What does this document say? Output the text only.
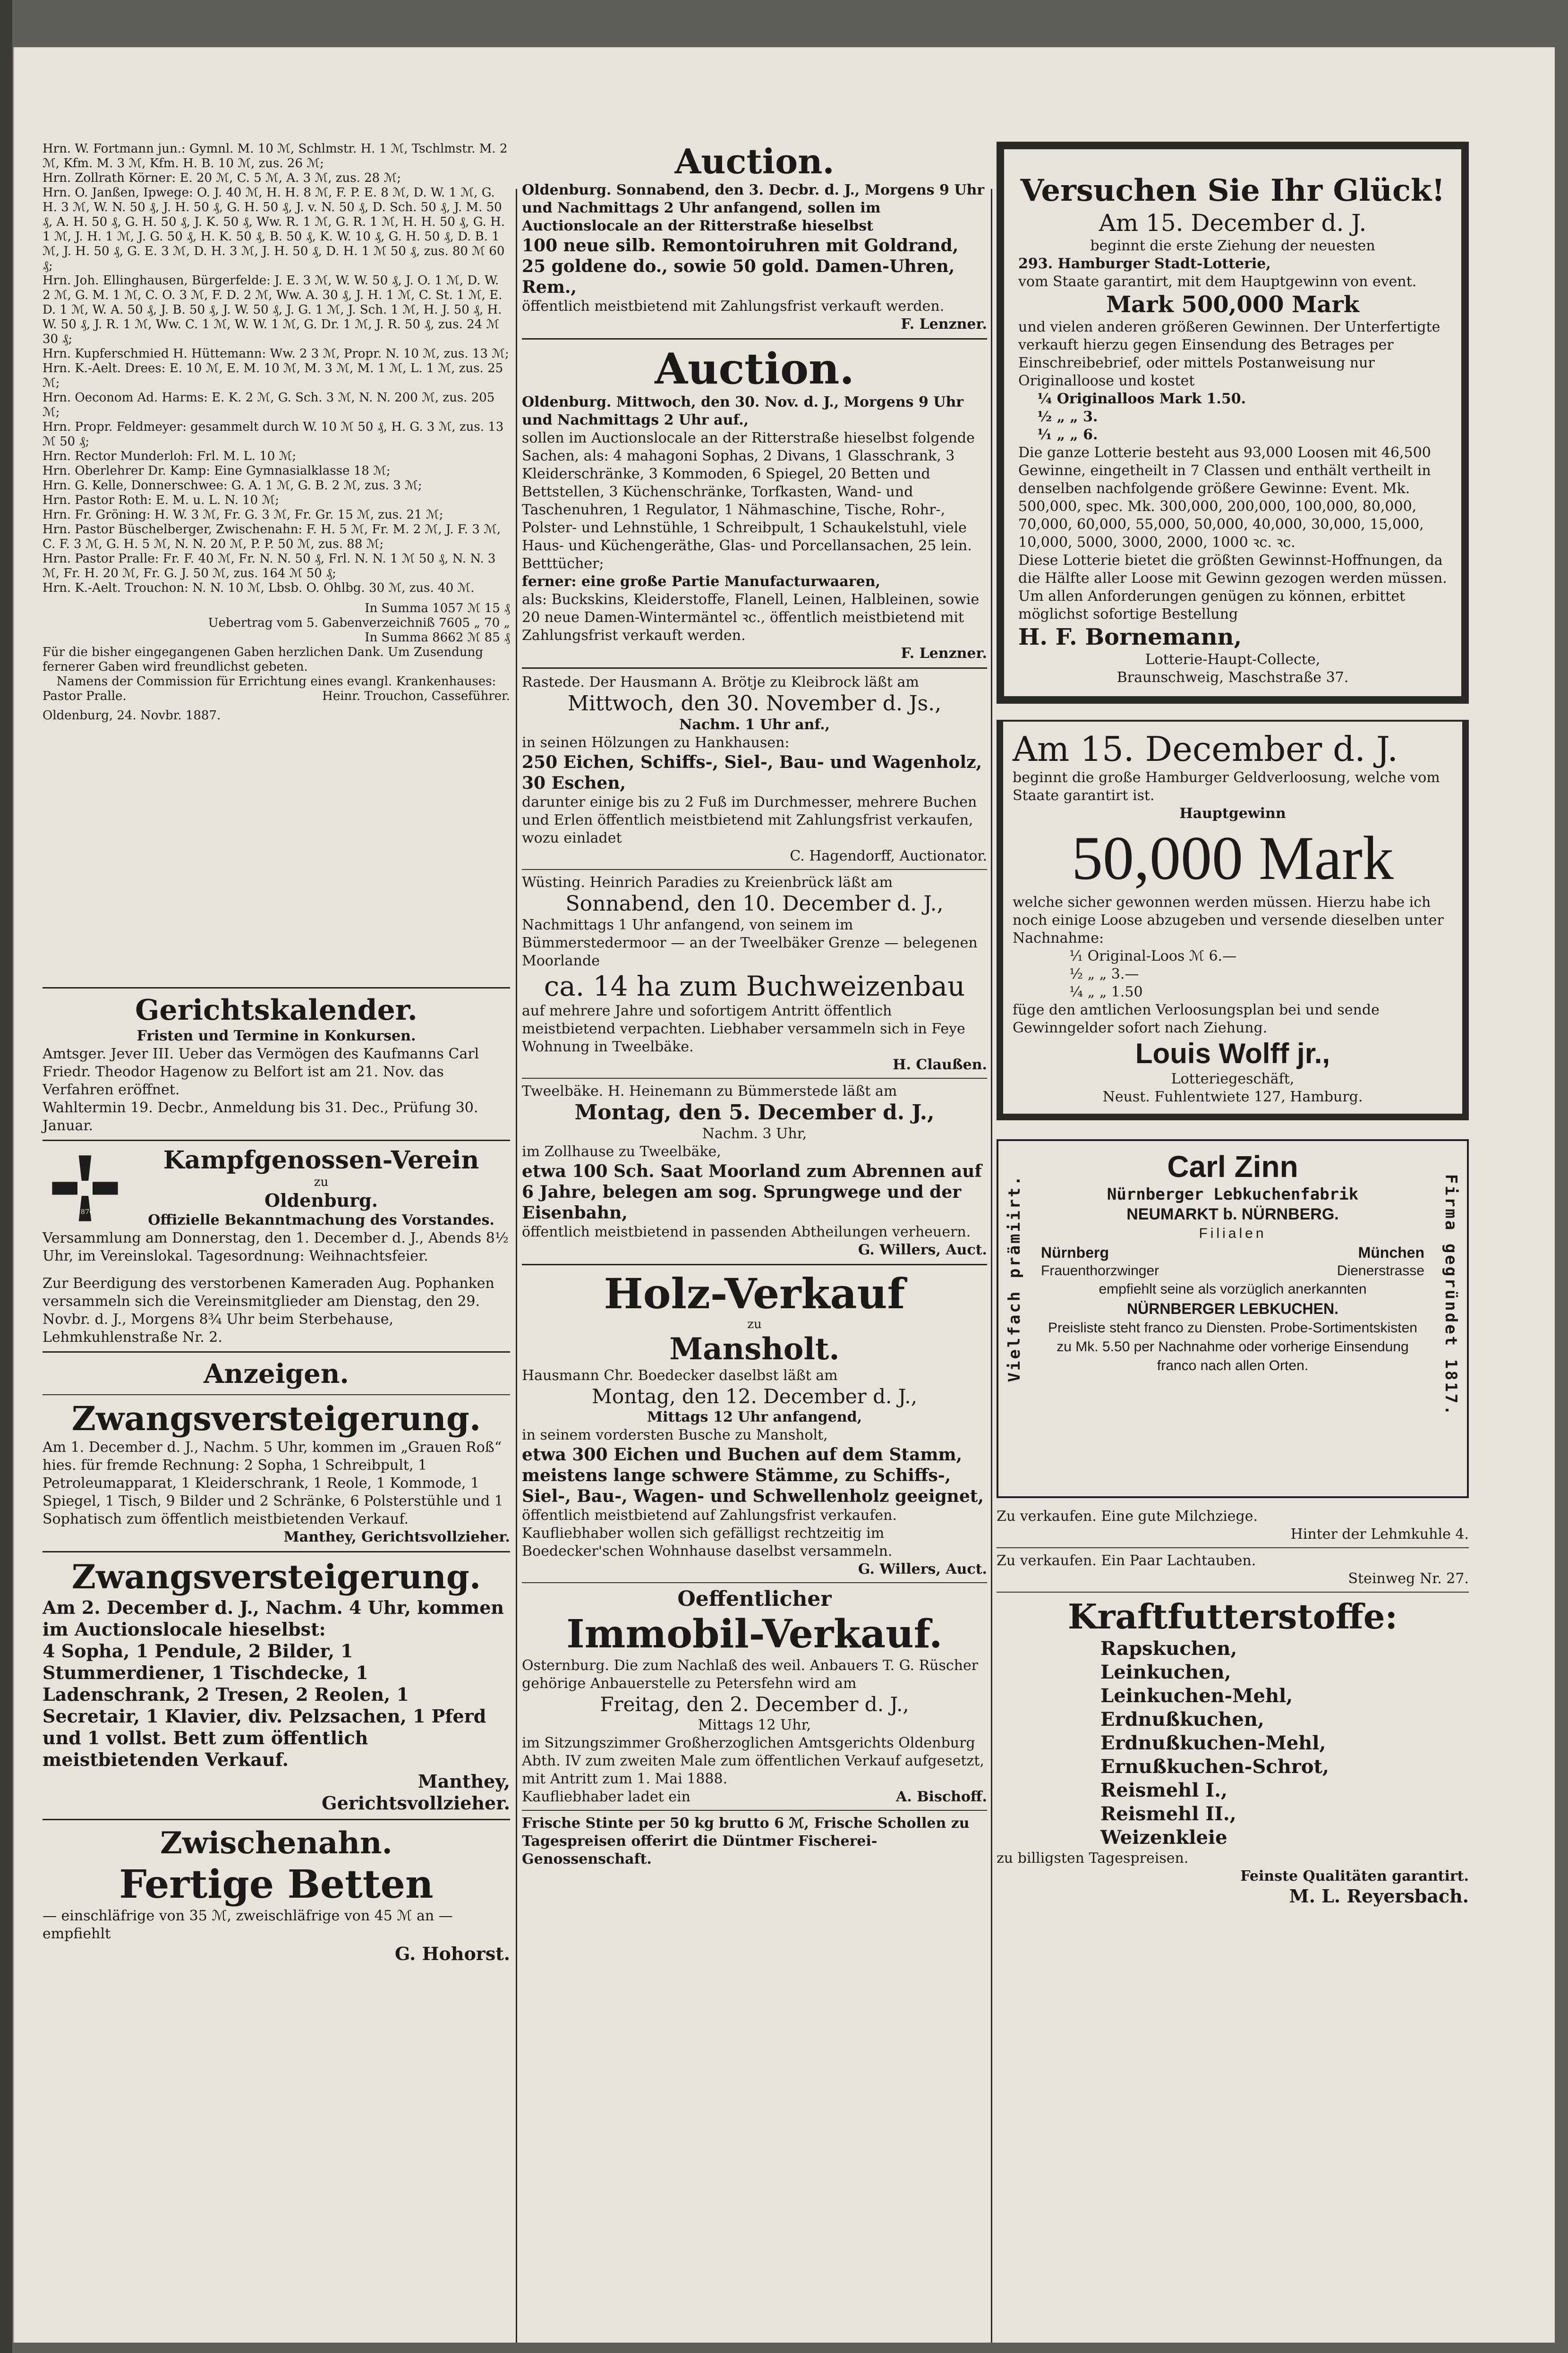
Hrn. W. Fortmann jun.: Gymnl. M. 10 ℳ, Schlmstr. H. 1 ℳ, Tschlmstr. M. 2 ℳ, Kfm. M. 3 ℳ, Kfm. H. B. 10 ℳ, zus. 26 ℳ;

Hrn. Zollrath Körner: E. 20 ℳ, C. 5 ℳ, A. 3 ℳ, zus. 28 ℳ;

Hrn. O. Janßen, Ipwege: O. J. 40 ℳ, H. H. 8 ℳ, F. P. E. 8 ℳ, D. W. 1 ℳ, G. H. 3 ℳ, W. N. 50 ₰, J. H. 50 ₰, G. H. 50 ₰, J. v. N. 50 ₰, D. Sch. 50 ₰, J. M. 50 ₰, A. H. 50 ₰, G. H. 50 ₰, J. K. 50 ₰, Ww. R. 1 ℳ, G. R. 1 ℳ, H. H. 50 ₰, G. H. 1 ℳ, J. H. 1 ℳ, J. G. 50 ₰, H. K. 50 ₰, B. 50 ₰, K. W. 10 ₰, G. H. 50 ₰, D. B. 1 ℳ, J. H. 50 ₰, G. E. 3 ℳ, D. H. 3 ℳ, J. H. 50 ₰, D. H. 1 ℳ 50 ₰, zus. 80 ℳ 60 ₰;

Hrn. Joh. Ellinghausen, Bürgerfelde: J. E. 3 ℳ, W. W. 50 ₰, J. O. 1 ℳ, D. W. 2 ℳ, G. M. 1 ℳ, C. O. 3 ℳ, F. D. 2 ℳ, Ww. A. 30 ₰, J. H. 1 ℳ, C. St. 1 ℳ, E. D. 1 ℳ, W. A. 50 ₰, J. B. 50 ₰, J. W. 50 ₰, J. G. 1 ℳ, J. Sch. 1 ℳ, H. J. 50 ₰, H. W. 50 ₰, J. R. 1 ℳ, Ww. C. 1 ℳ, W. W. 1 ℳ, G. Dr. 1 ℳ, J. R. 50 ₰, zus. 24 ℳ 30 ₰;

Hrn. Kupferschmied H. Hüttemann: Ww. 2 3 ℳ, Propr. N. 10 ℳ, zus. 13 ℳ;

Hrn. K.-Aelt. Drees: E. 10 ℳ, E. M. 10 ℳ, M. 3 ℳ, M. 1 ℳ, L. 1 ℳ, zus. 25 ℳ;

Hrn. Oeconom Ad. Harms: E. K. 2 ℳ, G. Sch. 3 ℳ, N. N. 200 ℳ, zus. 205 ℳ;

Hrn. Propr. Feldmeyer: gesammelt durch W. 10 ℳ 50 ₰, H. G. 3 ℳ, zus. 13 ℳ 50 ₰;

Hrn. Rector Munderloh: Frl. M. L. 10 ℳ;

Hrn. Oberlehrer Dr. Kamp: Eine Gymnasialklasse 18 ℳ;

Hrn. G. Kelle, Donnerschwee: G. A. 1 ℳ, G. B. 2 ℳ, zus. 3 ℳ;

Hrn. Pastor Roth: E. M. u. L. N. 10 ℳ;

Hrn. Fr. Gröning: H. W. 3 ℳ, Fr. G. 3 ℳ, Fr. Gr. 15 ℳ, zus. 21 ℳ;

Hrn. Pastor Büschelberger, Zwischenahn: F. H. 5 ℳ, Fr. M. 2 ℳ, J. F. 3 ℳ, C. F. 3 ℳ, G. H. 5 ℳ, N. N. 20 ℳ, P. P. 50 ℳ, zus. 88 ℳ;

Hrn. Pastor Pralle: Fr. F. 40 ℳ, Fr. N. N. 50 ₰, Frl. N. N. 1 ℳ 50 ₰, N. N. 3 ℳ, Fr. H. 20 ℳ, Fr. G. J. 50 ℳ, zus. 164 ℳ 50 ₰;

Hrn. K.-Aelt. Trouchon: N. N. 10 ℳ, Lbsb. O. Ohlbg. 30 ℳ, zus. 40 ℳ.

In Summa 1057 ℳ 15 ₰

Uebertrag vom 5. Gabenverzeichniß 7605 „ 70 „

In Summa 8662 ℳ 85 ₰

Für die bisher eingegangenen Gaben herzlichen Dank. Um Zusendung fernerer Gaben wird freundlichst gebeten.

Namens der Commission für Errichtung eines evangl. Krankenhauses:

Pastor Pralle.	Heinr. Trouchon, Casseführer.

Oldenburg, 24. Novbr. 1887.

Gerichtskalender.

Fristen und Termine in Konkursen.

Amtsger. Jever III. Ueber das Vermögen des Kaufmanns Carl Friedr. Theodor Hagenow zu Belfort ist am 21. Nov. das Verfahren eröffnet.

Wahltermin 19. Decbr., Anmeldung bis 31. Dec., Prüfung 30. Januar.

1870

Kampfgenossen-Verein

zu

Oldenburg.

Offizielle Bekanntmachung des Vorstandes.

Versammlung am Donnerstag, den 1. December d. J., Abends 8½ Uhr, im Vereinslokal. Tagesordnung: Weihnachtsfeier.

Zur Beerdigung des verstorbenen Kameraden Aug. Pophanken versammeln sich die Vereinsmitglieder am Dienstag, den 29. Novbr. d. J., Morgens 8¾ Uhr beim Sterbehause, Lehmkuhlenstraße Nr. 2.

Anzeigen.

Zwangsversteigerung.

Am 1. December d. J., Nachm. 5 Uhr, kommen im „Grauen Roß“ hies. für fremde Rechnung: 2 Sopha, 1 Schreibpult, 1 Petroleumapparat, 1 Kleiderschrank, 1 Reole, 1 Kommode, 1 Spiegel, 1 Tisch, 9 Bilder und 2 Schränke, 6 Polsterstühle und 1 Sophatisch zum öffentlich meistbietenden Verkauf.

Manthey, Gerichtsvollzieher.

Zwangsversteigerung.

Am 2. December d. J., Nachm. 4 Uhr, kommen im Auctionslocale hieselbst:

4 Sopha, 1 Pendule, 2 Bilder, 1 Stummerdiener, 1 Tischdecke, 1 Ladenschrank, 2 Tresen, 2 Reolen, 1 Secretair, 1 Klavier, div. Pelzsachen, 1 Pferd und 1 vollst. Bett zum öffentlich meistbietenden Verkauf.

Manthey,

Gerichtsvollzieher.

Zwischenahn.

Fertige Betten

— einschläfrige von 35 ℳ, zweischläfrige von 45 ℳ an — empfiehlt

G. Hohorst.

Auction.

Oldenburg. Sonnabend, den 3. Decbr. d. J., Morgens 9 Uhr und Nachmittags 2 Uhr anfangend, sollen im Auctionslocale an der Ritterstraße hieselbst

100 neue silb. Remontoiruhren mit Goldrand, 25 goldene do., sowie 50 gold. Damen-Uhren, Rem.,

öffentlich meistbietend mit Zahlungsfrist verkauft werden.

F. Lenzner.

Auction.

Oldenburg. Mittwoch, den 30. Nov. d. J., Morgens 9 Uhr und Nachmittags 2 Uhr auf.,

sollen im Auctionslocale an der Ritterstraße hieselbst folgende Sachen, als: 4 mahagoni Sophas, 2 Divans, 1 Glasschrank, 3 Kleiderschränke, 3 Kommoden, 6 Spiegel, 20 Betten und Bettstellen, 3 Küchenschränke, Torfkasten, Wand- und Taschenuhren, 1 Regulator, 1 Nähmaschine, Tische, Rohr-, Polster- und Lehnstühle, 1 Schreibpult, 1 Schaukelstuhl, viele Haus- und Küchengeräthe, Glas- und Porcellansachen, 25 lein. Betttücher;

ferner: eine große Partie Manufacturwaaren,

als: Buckskins, Kleiderstoffe, Flanell, Leinen, Halbleinen, sowie 20 neue Damen-Wintermäntel ꝛc., öffentlich meistbietend mit Zahlungsfrist verkauft werden.

F. Lenzner.

Rastede. Der Hausmann A. Brötje zu Kleibrock läßt am

Mittwoch, den 30. November d. Js.,

Nachm. 1 Uhr anf.,

in seinen Hölzungen zu Hankhausen:

250 Eichen, Schiffs-, Siel-, Bau- und Wagenholz, 30 Eschen,

darunter einige bis zu 2 Fuß im Durchmesser, mehrere Buchen und Erlen öffentlich meistbietend mit Zahlungsfrist verkaufen, wozu einladet

C. Hagendorff, Auctionator.

Wüsting. Heinrich Paradies zu Kreienbrück läßt am

Sonnabend, den 10. December d. J.,

Nachmittags 1 Uhr anfangend, von seinem im Bümmerstedermoor — an der Tweelbäker Grenze — belegenen Moorlande

ca. 14 ha zum Buchweizenbau

auf mehrere Jahre und sofortigem Antritt öffentlich meistbietend verpachten. Liebhaber versammeln sich in Feye Wohnung in Tweelbäke.

H. Claußen.

Tweelbäke. H. Heinemann zu Bümmerstede läßt am

Montag, den 5. December d. J.,

Nachm. 3 Uhr,

im Zollhause zu Tweelbäke,

etwa 100 Sch. Saat Moorland zum Abrennen auf 6 Jahre, belegen am sog. Sprungwege und der Eisenbahn,

öffentlich meistbietend in passenden Abtheilungen verheuern.

G. Willers, Auct.

Holz-Verkauf

zu

Mansholt.

Hausmann Chr. Boedecker daselbst läßt am

Montag, den 12. December d. J.,

Mittags 12 Uhr anfangend,

in seinem vordersten Busche zu Mansholt,

etwa 300 Eichen und Buchen auf dem Stamm, meistens lange schwere Stämme, zu Schiffs-, Siel-, Bau-, Wagen- und Schwellenholz geeignet,

öffentlich meistbietend auf Zahlungsfrist verkaufen. Kaufliebhaber wollen sich gefälligst rechtzeitig im Boedecker'schen Wohnhause daselbst versammeln.

G. Willers, Auct.

Oeffentlicher

Immobil-Verkauf.

Osternburg. Die zum Nachlaß des weil. Anbauers T. G. Rüscher gehörige Anbauerstelle zu Petersfehn wird am

Freitag, den 2. December d. J.,

Mittags 12 Uhr,

im Sitzungszimmer Großherzoglichen Amtsgerichts Oldenburg Abth. IV zum zweiten Male zum öffentlichen Verkauf aufgesetzt, mit Antritt zum 1. Mai 1888.

Kaufliebhaber ladet ein	A. Bischoff.

Frische Stinte per 50 kg brutto 6 ℳ, Frische Schollen zu Tagespreisen offerirt die Düntmer Fischerei-Genossenschaft.

Versuchen Sie Ihr Glück!

Am 15. December d. J.

beginnt die erste Ziehung der neuesten

293. Hamburger Stadt-Lotterie,

vom Staate garantirt, mit dem Hauptgewinn von event.

Mark 500,000 Mark

und vielen anderen größeren Gewinnen. Der Unterfertigte verkauft hierzu gegen Einsendung des Betrages per Einschreibebrief, oder mittels Postanweisung nur Originalloose und kostet

¼ Originalloos Mark 1.50.

½ „ „ 3.

¹⁄₁ „ „ 6.

Die ganze Lotterie besteht aus 93,000 Loosen mit 46,500 Gewinne, eingetheilt in 7 Classen und enthält vertheilt in denselben nachfolgende größere Gewinne: Event. Mk. 500,000, spec. Mk. 300,000, 200,000, 100,000, 80,000, 70,000, 60,000, 55,000, 50,000, 40,000, 30,000, 15,000, 10,000, 5000, 3000, 2000, 1000 ꝛc. ꝛc.

Diese Lotterie bietet die größten Gewinnst-Hoffnungen, da die Hälfte aller Loose mit Gewinn gezogen werden müssen. Um allen Anforderungen genügen zu können, erbittet möglichst sofortige Bestellung

H. F. Bornemann,

Lotterie-Haupt-Collecte,

Braunschweig, Maschstraße 37.

Am 15. December d. J.

beginnt die große Hamburger Geldverloosung, welche vom Staate garantirt ist.

Hauptgewinn

50,000 Mark

welche sicher gewonnen werden müssen. Hierzu habe ich noch einige Loose abzugeben und versende dieselben unter Nachnahme:

¹⁄₁ Original-Loos ℳ 6.—

½ „ „ 3.—

¼ „ „ 1.50

füge den amtlichen Verloosungsplan bei und sende Gewinngelder sofort nach Ziehung.

Louis Wolff jr.,

Lotteriegeschäft,

Neust. Fuhlentwiete 127, Hamburg.

Vielfach prämiirt.	Firma gegründet 1817.

Carl Zinn

Nürnberger Lebkuchenfabrik

NEUMARKT b. NÜRNBERG.

Filialen

Nürnberg	München
Frauenthorzwinger	Dienerstrasse

empfiehlt seine als vorzüglich anerkannten

NÜRNBERGER LEBKUCHEN.

Preisliste steht franco zu Diensten. Probe-Sortimentskisten zu Mk. 5.50 per Nachnahme oder vorherige Einsendung franco nach allen Orten.

Zu verkaufen. Eine gute Milchziege.

Hinter der Lehmkuhle 4.

Zu verkaufen. Ein Paar Lachtauben.

Steinweg Nr. 27.

Kraftfutterstoffe:

Rapskuchen,

Leinkuchen,

Leinkuchen-Mehl,

Erdnußkuchen,

Erdnußkuchen-Mehl,

Ernußkuchen-Schrot,

Reismehl I.,

Reismehl II.,

Weizenkleie

zu billigsten Tagespreisen.

Feinste Qualitäten garantirt.

M. L. Reyersbach.
